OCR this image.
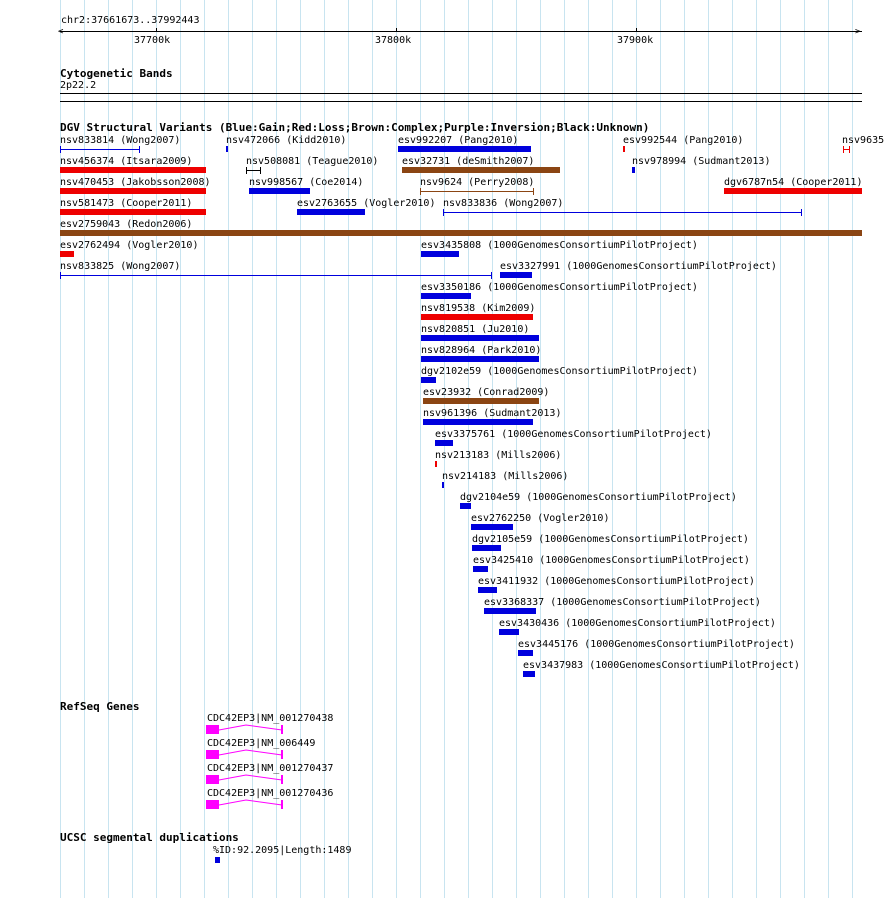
chr2:37661673..37992443
<	>
37700k	37800k	37900k
Cytogenetic Bands
2p22.2
DGV Structural Variants (Blue:Gain;Red:Loss;Brown:Complex;Purple:Inversion;Black:Unknown)
nsv833814 (Wong2007)	nsv472066 (Kidd2010)	esv992207 (Pang2010)	esv992544 (Pang2010)	nsv9635
nsv456374 (Itsara2009)	nsv508081 (Teague2010) esv32731 (deSmith2007)	nsv978994 (Sudmant2013)
nsv470453 (Jakobsson2008)	nsv998567 (Coe2014)	nsv9624 (Perry2008)	dgv6787n54 (Cooper2011)
nsv581473 (Cooper2011)	esv2763655 (Vogler2010) nsv833836 (Wong2007)
esv2759043 (Redon2006)
esv2762494 (Vogler2010)	esv3435808 (1000GenomesConsortiumPilotProject)
nsv833825 (Wong2007)	esv3327991 (1000GenomesConsortiumPilotProject)
esv3350186 (1000GenomesConsortiumPilotProject)
nsv819538 (Kim2009)
nsv820851 (Ju2010)
nsv828964 (Park2010)
dgv2102e59 (1000GenomesConsortiumPilotProject)
esv23932 (Conrad2009)
nsv961396 (Sudmant2013)
esv3375761 (1000GenomesConsortiumPilotProject)
nsv213183 (Mills2006)
nsv214183 (Mills2006)
dgv2104e59 (1000GenomesConsortiumPilotProject)
esv2762250 (Vogler2010)
dgv2105e59 (1000GenomesConsortiumPilotProject)
esv3425410 (1000GenomesConsortiumPilotProject)
esv3411932 (1000GenomesConsortiumPilotProject)
esv3368337 (1000GenomesConsortiumPilotProject)
esv3430436 (1000GenomesConsortiumPilotProject)
esv3445176 (1000GenomesConsortiumPilotProject)
esv3437983 (1000GenomesConsortiumPilotProject)
RefSeq Genes
CDC42EP3|NM_001270438
CDC42EP3|NM_006449
CDC42EP3|NM_001270437
CDC42EP3|NM_001270436
UCSC segmental duplications
%ID:92.2095|Length:1489
